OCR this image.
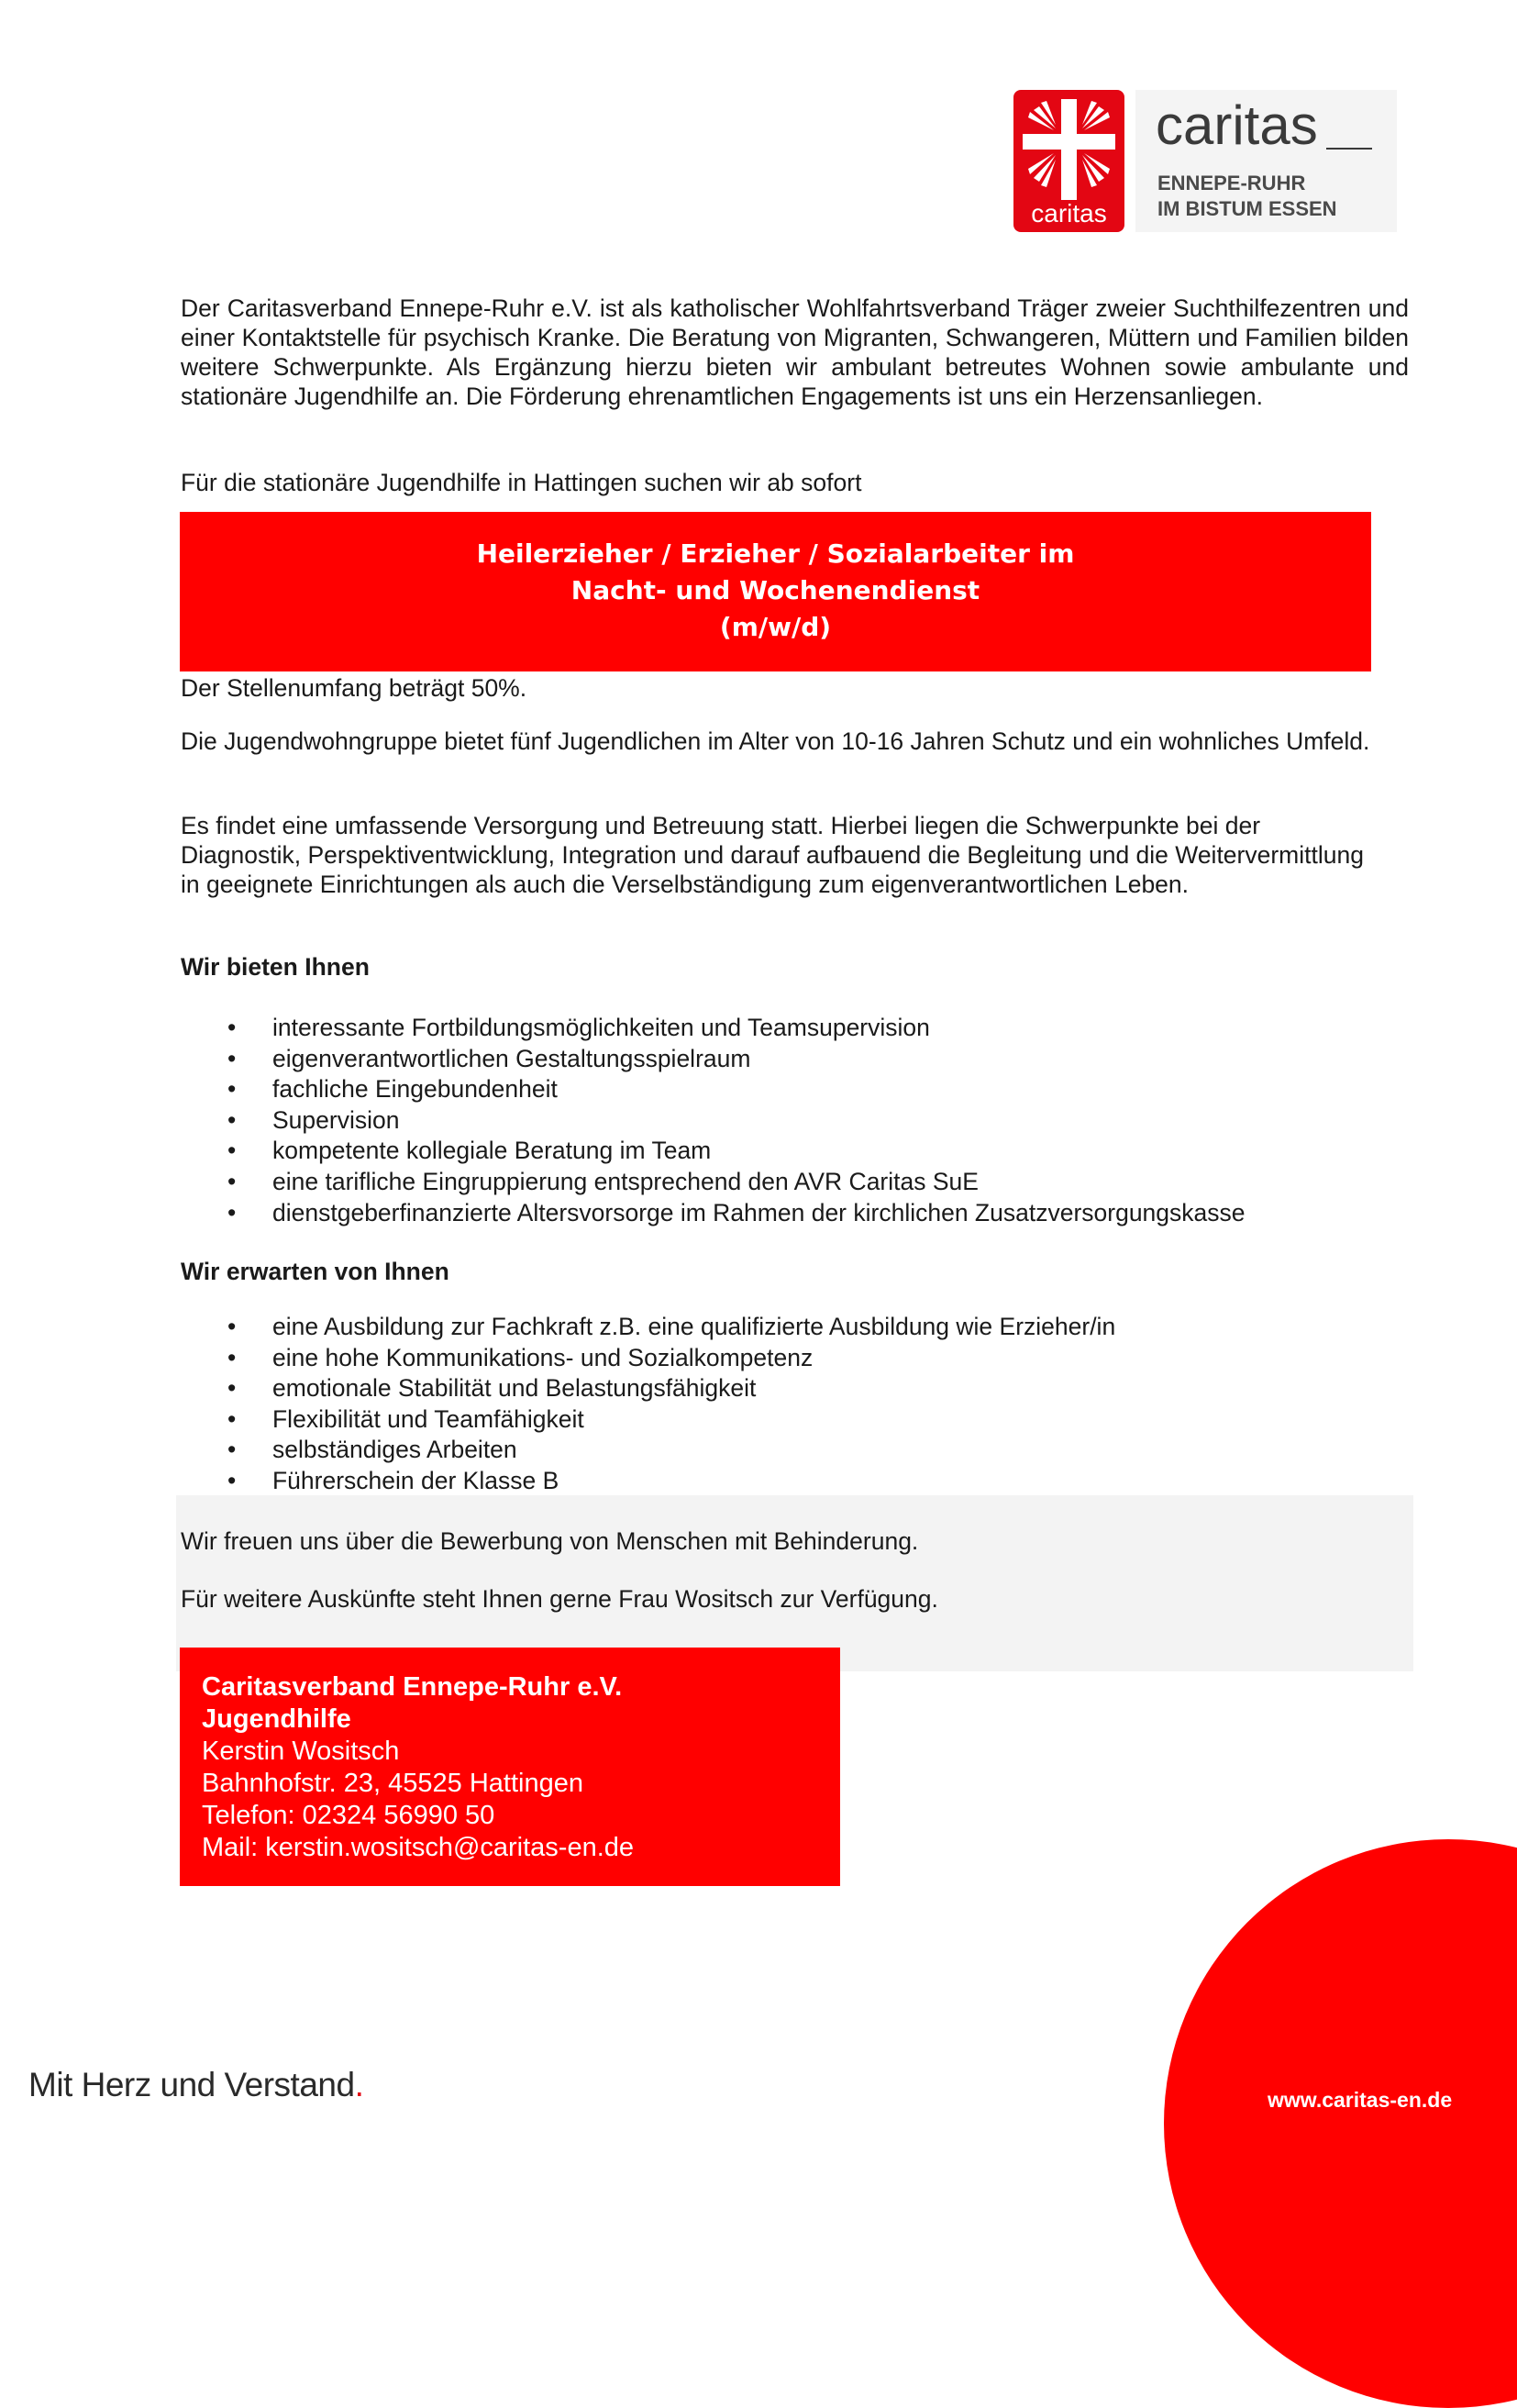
caritas
caritas
ENNEPE-RUHR
IM BISTUM ESSEN

Der Caritasverband Ennepe-Ruhr e.V. ist als katholischer Wohlfahrtsverband Träger zweier Suchthilfezentren und einer Kontaktstelle für psychisch Kranke. Die Beratung von Migranten, Schwangeren, Müttern und Familien bilden weitere Schwerpunkte. Als Ergänzung hierzu bieten wir ambulant betreutes Wohnen sowie ambulante und stationäre Jugendhilfe an. Die Förderung ehrenamtlichen Engagements ist uns ein Herzensanliegen.

Für die stationäre Jugendhilfe in Hattingen suchen wir ab sofort

Heilerzieher / Erzieher / Sozialarbeiter im
Nacht- und Wochenendienst
(m/w/d)

Der Stellenumfang beträgt 50%.

Die Jugendwohngruppe bietet fünf Jugendlichen im Alter von 10-16 Jahren Schutz und ein wohnliches Umfeld.

Es findet eine umfassende Versorgung und Betreuung statt. Hierbei liegen die Schwerpunkte bei der Diagnostik, Perspektiventwicklung, Integration und darauf aufbauend die Begleitung und die Weitervermittlung in geeignete Einrichtungen als auch die Verselbständigung zum eigenverantwortlichen Leben.

Wir bieten Ihnen
• interessante Fortbildungsmöglichkeiten und Teamsupervision
• eigenverantwortlichen Gestaltungsspielraum
• fachliche Eingebundenheit
• Supervision
• kompetente kollegiale Beratung im Team
• eine tarifliche Eingruppierung entsprechend den AVR Caritas SuE
• dienstgeberfinanzierte Altersvorsorge im Rahmen der kirchlichen Zusatzversorgungskasse
Wir erwarten von Ihnen
• eine Ausbildung zur Fachkraft z.B. eine qualifizierte Ausbildung wie Erzieher/in
• eine hohe Kommunikations- und Sozialkompetenz
• emotionale Stabilität und Belastungsfähigkeit
• Flexibilität und Teamfähigkeit
• selbständiges Arbeiten
• Führerschein der Klasse B

Wir freuen uns über die Bewerbung von Menschen mit Behinderung.

Für weitere Auskünfte steht Ihnen gerne Frau Wositsch zur Verfügung.

Caritasverband Ennepe-Ruhr e.V.
Jugendhilfe
Kerstin Wositsch
Bahnhofstr. 23, 45525 Hattingen
Telefon: 02324 56990 50
Mail: kerstin.wositsch@caritas-en.de
Mit Herz und Verstand.	www.caritas-en.de
